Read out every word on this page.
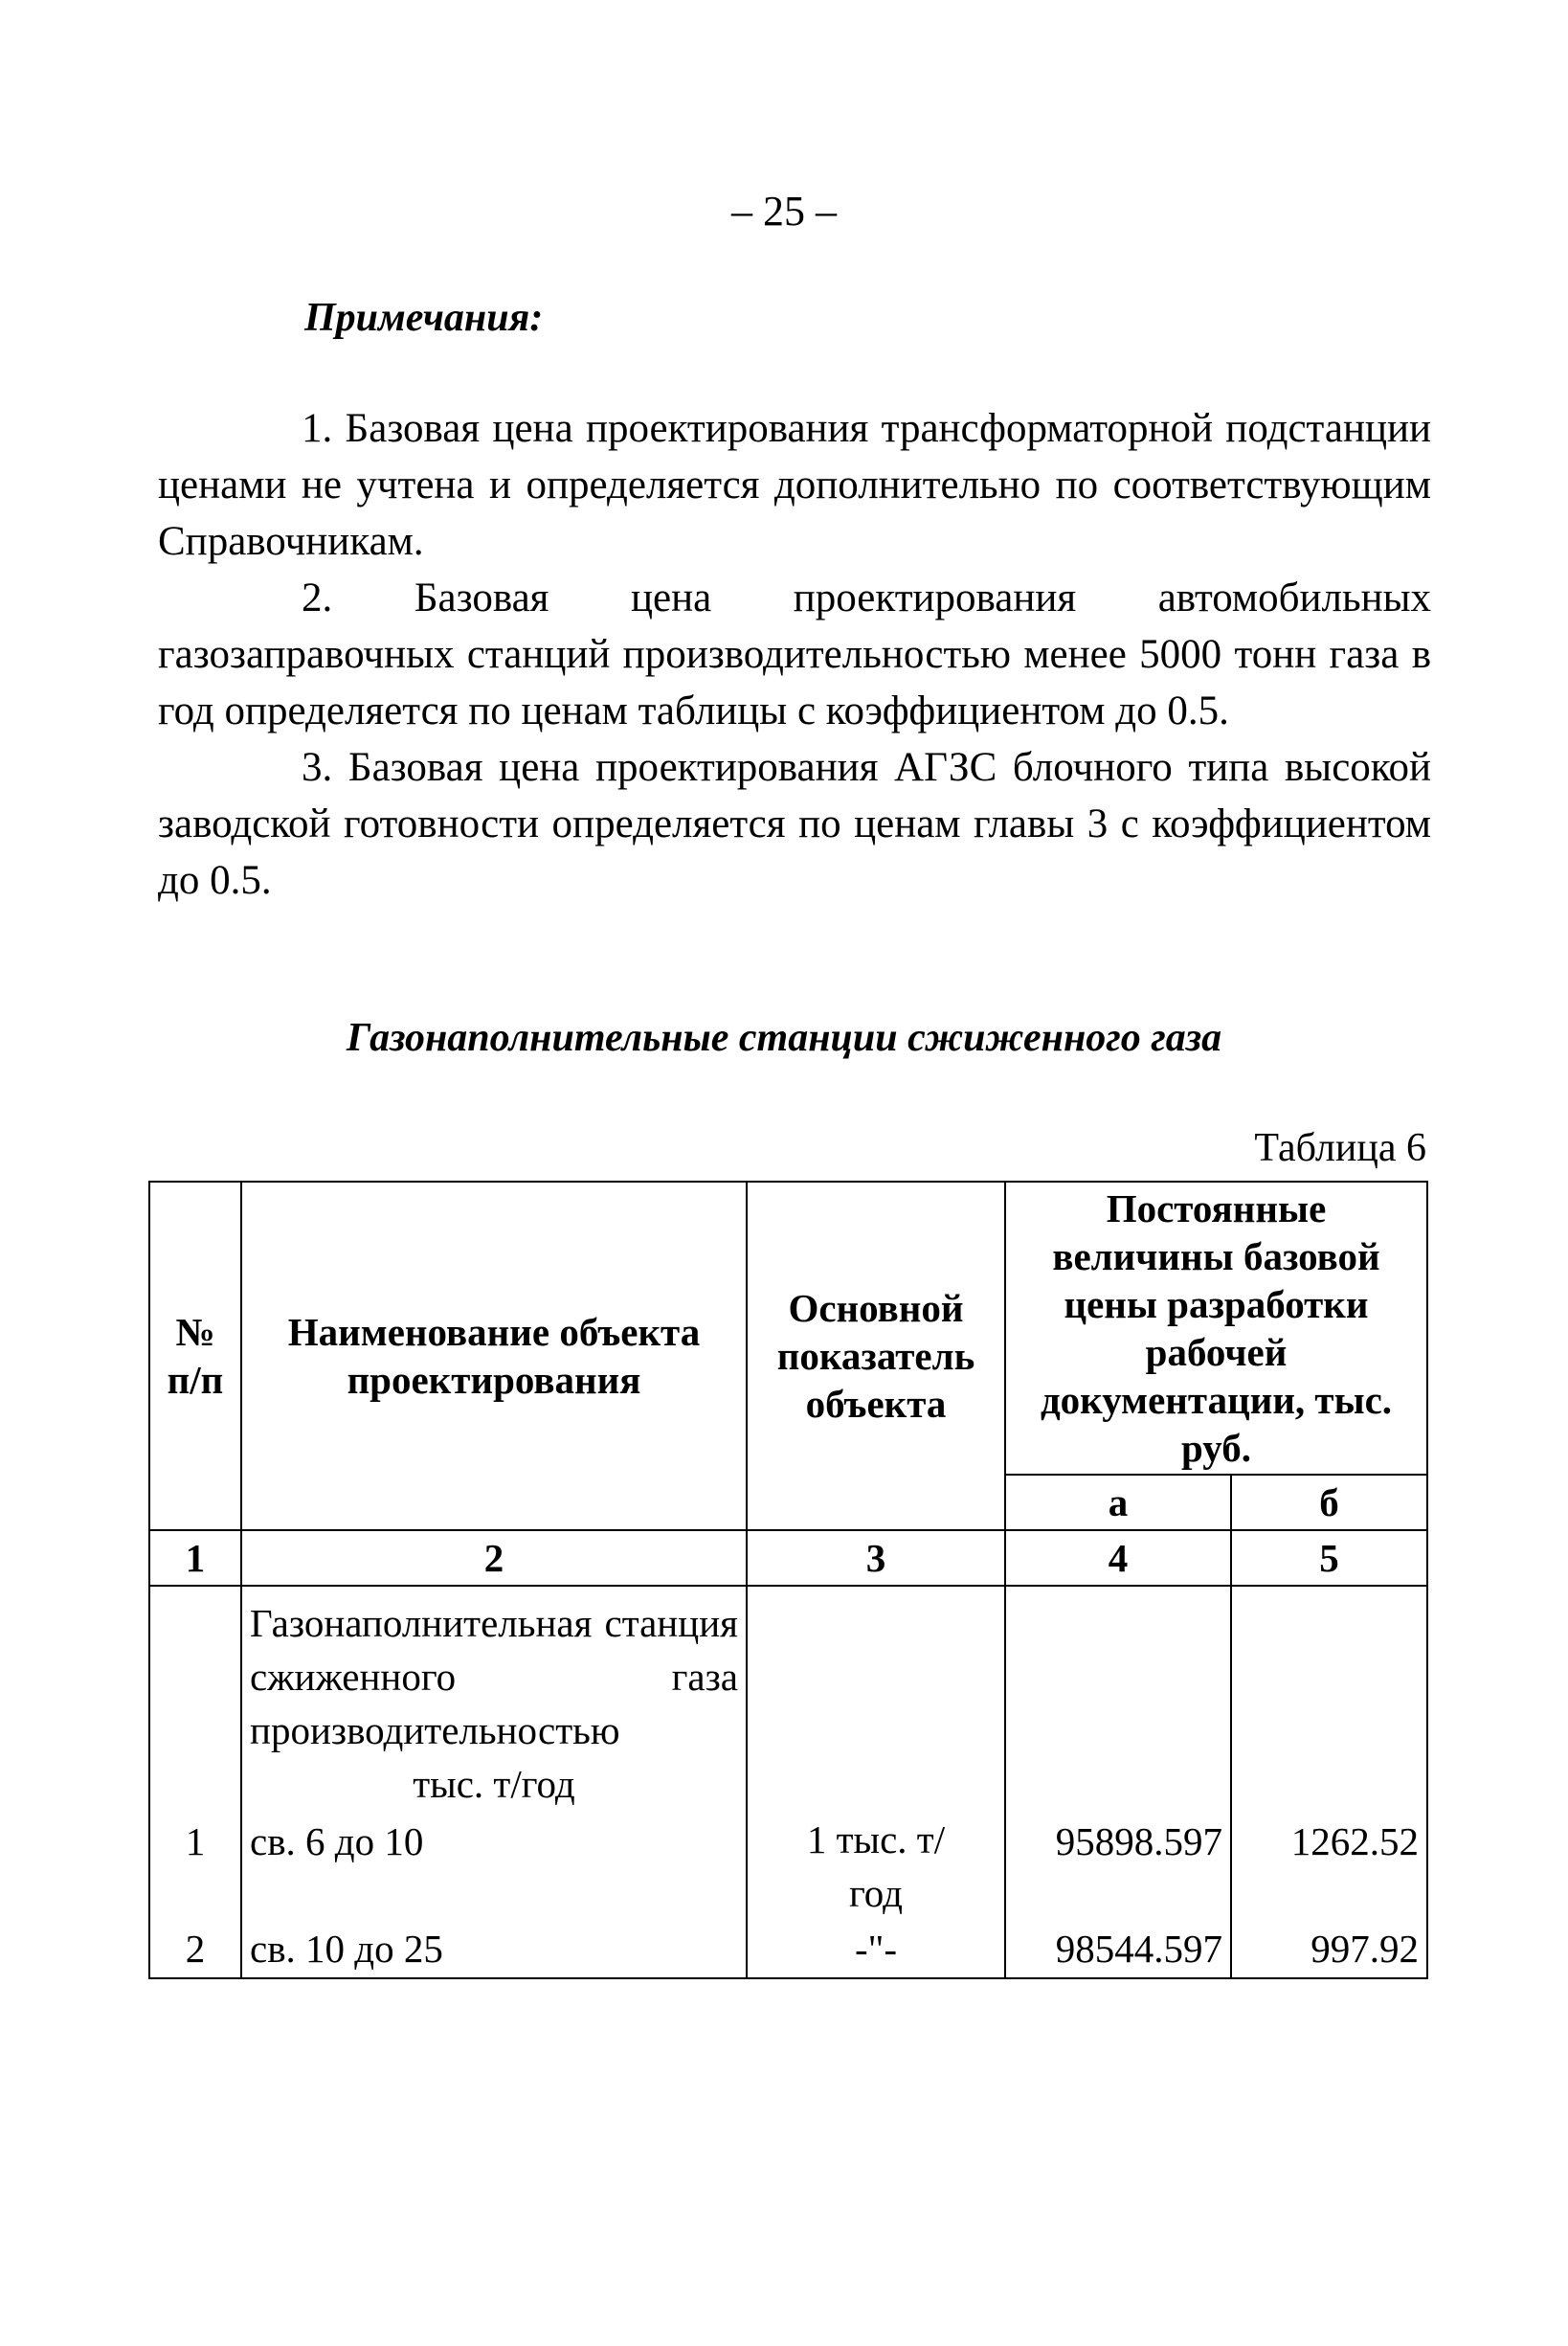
– 25 –
Примечания:

1. Базовая цена проектирования трансформаторной подстанции ценами не учтена и определяется дополнительно по соответствующим Справочникам.

2. Базовая цена проектирования автомобильных газозаправочных станций производительностью менее 5000 тонн газа в год определяется по ценам таблицы с коэффициентом до 0.5.

3. Базовая цена проектирования АГЗС блочного типа высокой заводской готовности определяется по ценам главы 3 с коэффициентом до 0.5.

Газонаполнительные станции сжиженного газа
Таблица 6
№ п/п	Наименование объекта проектирования	Основной показатель объекта	Постоянные величины базовой цены разработки рабочей документации, тыс. руб.	
			а	б
1	2	3	4	5

	Газонаполнительная станция сжиженного газа производительностью
тыс. т/год			

1	св. 6 до 10	1 тыс. т/год	95898.597	1262.52
2	св. 10 до 25	-"-	98544.597	997.92
